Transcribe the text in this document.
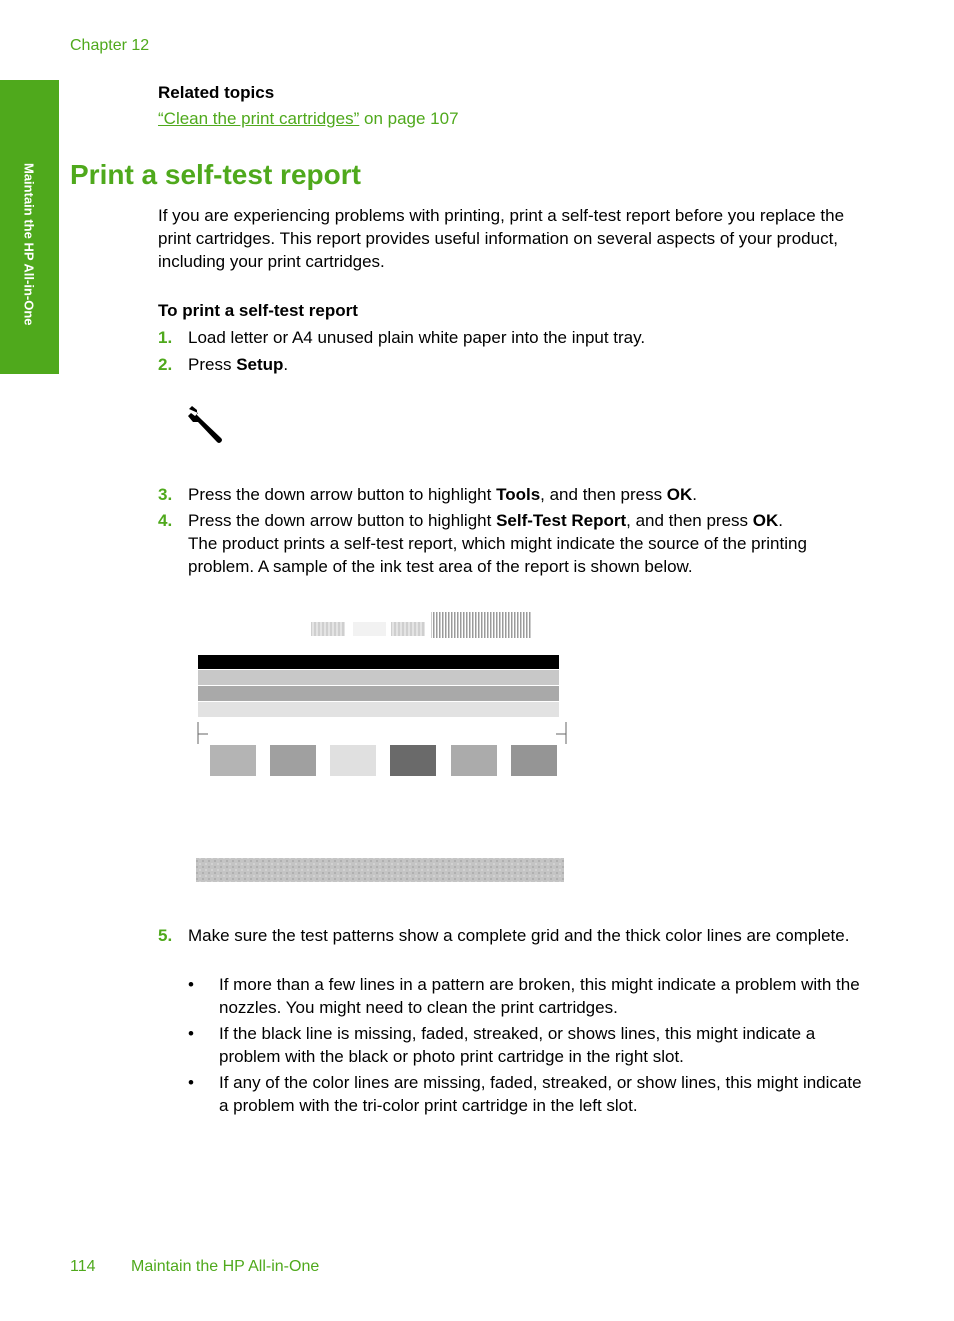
Chapter 12
Maintain the HP All-in-One
Related topics
“Clean the print cartridges” on page 107
Print a self-test report

If you are experiencing problems with printing, print a self-test report before you replace the print cartridges. This report provides useful information on several aspects of your product, including your print cartridges.

To print a self-test report
1. Load letter or A4 unused plain white paper into the input tray.
2. Press Setup.
3. Press the down arrow button to highlight Tools, and then press OK.
4. Press the down arrow button to highlight Self-Test Report, and then press OK.
The product prints a self-test report, which might indicate the source of the printing problem. A sample of the ink test area of the report is shown below.
5. Make sure the test patterns show a complete grid and the thick color lines are complete.
• If more than a few lines in a pattern are broken, this might indicate a problem with the nozzles. You might need to clean the print cartridges.
• If the black line is missing, faded, streaked, or shows lines, this might indicate a problem with the black or photo print cartridge in the right slot.
• If any of the color lines are missing, faded, streaked, or show lines, this might indicate a problem with the tri-color print cartridge in the left slot.
114 Maintain the HP All-in-One
